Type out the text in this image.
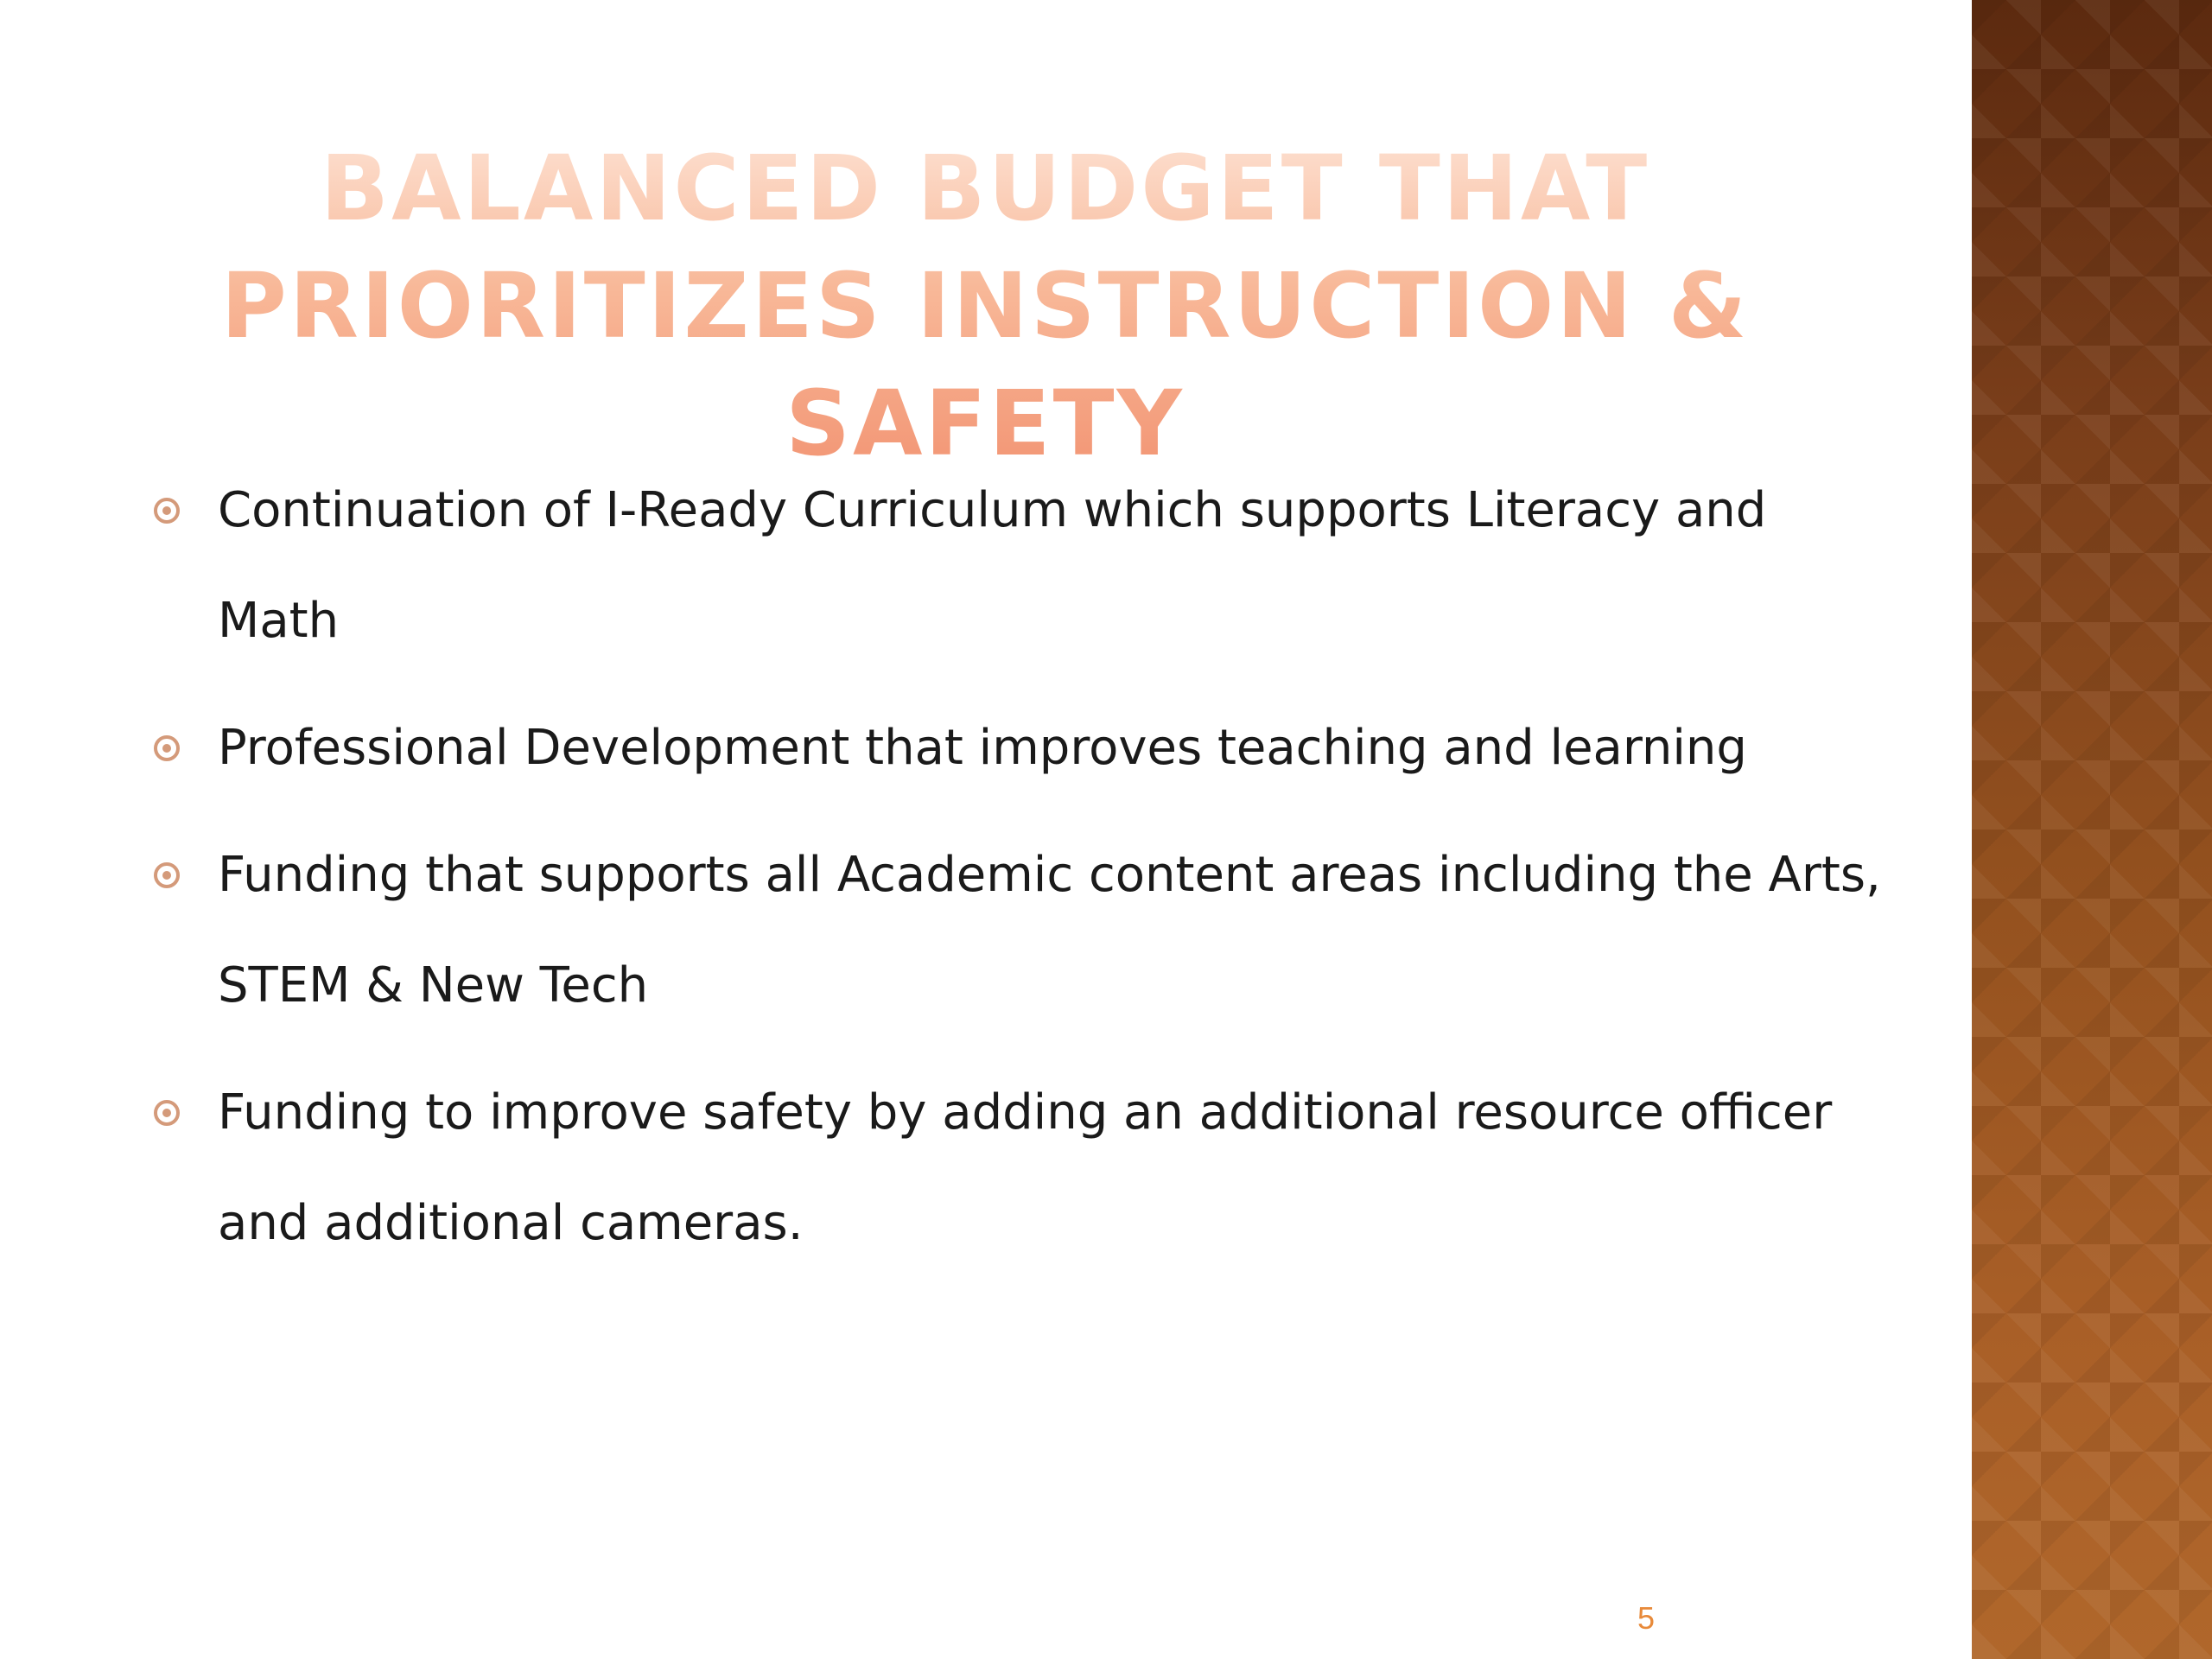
BALANCED BUDGET THAT PRIORITIZES INSTRUCTION & SAFETY
Continuation of I-Ready Curriculum which supports Literacy and Math
Professional Development that improves teaching and learning
Funding that supports all Academic content areas including the Arts, STEM & New Tech
Funding to improve safety by adding an additional resource officer and additional cameras.
5
